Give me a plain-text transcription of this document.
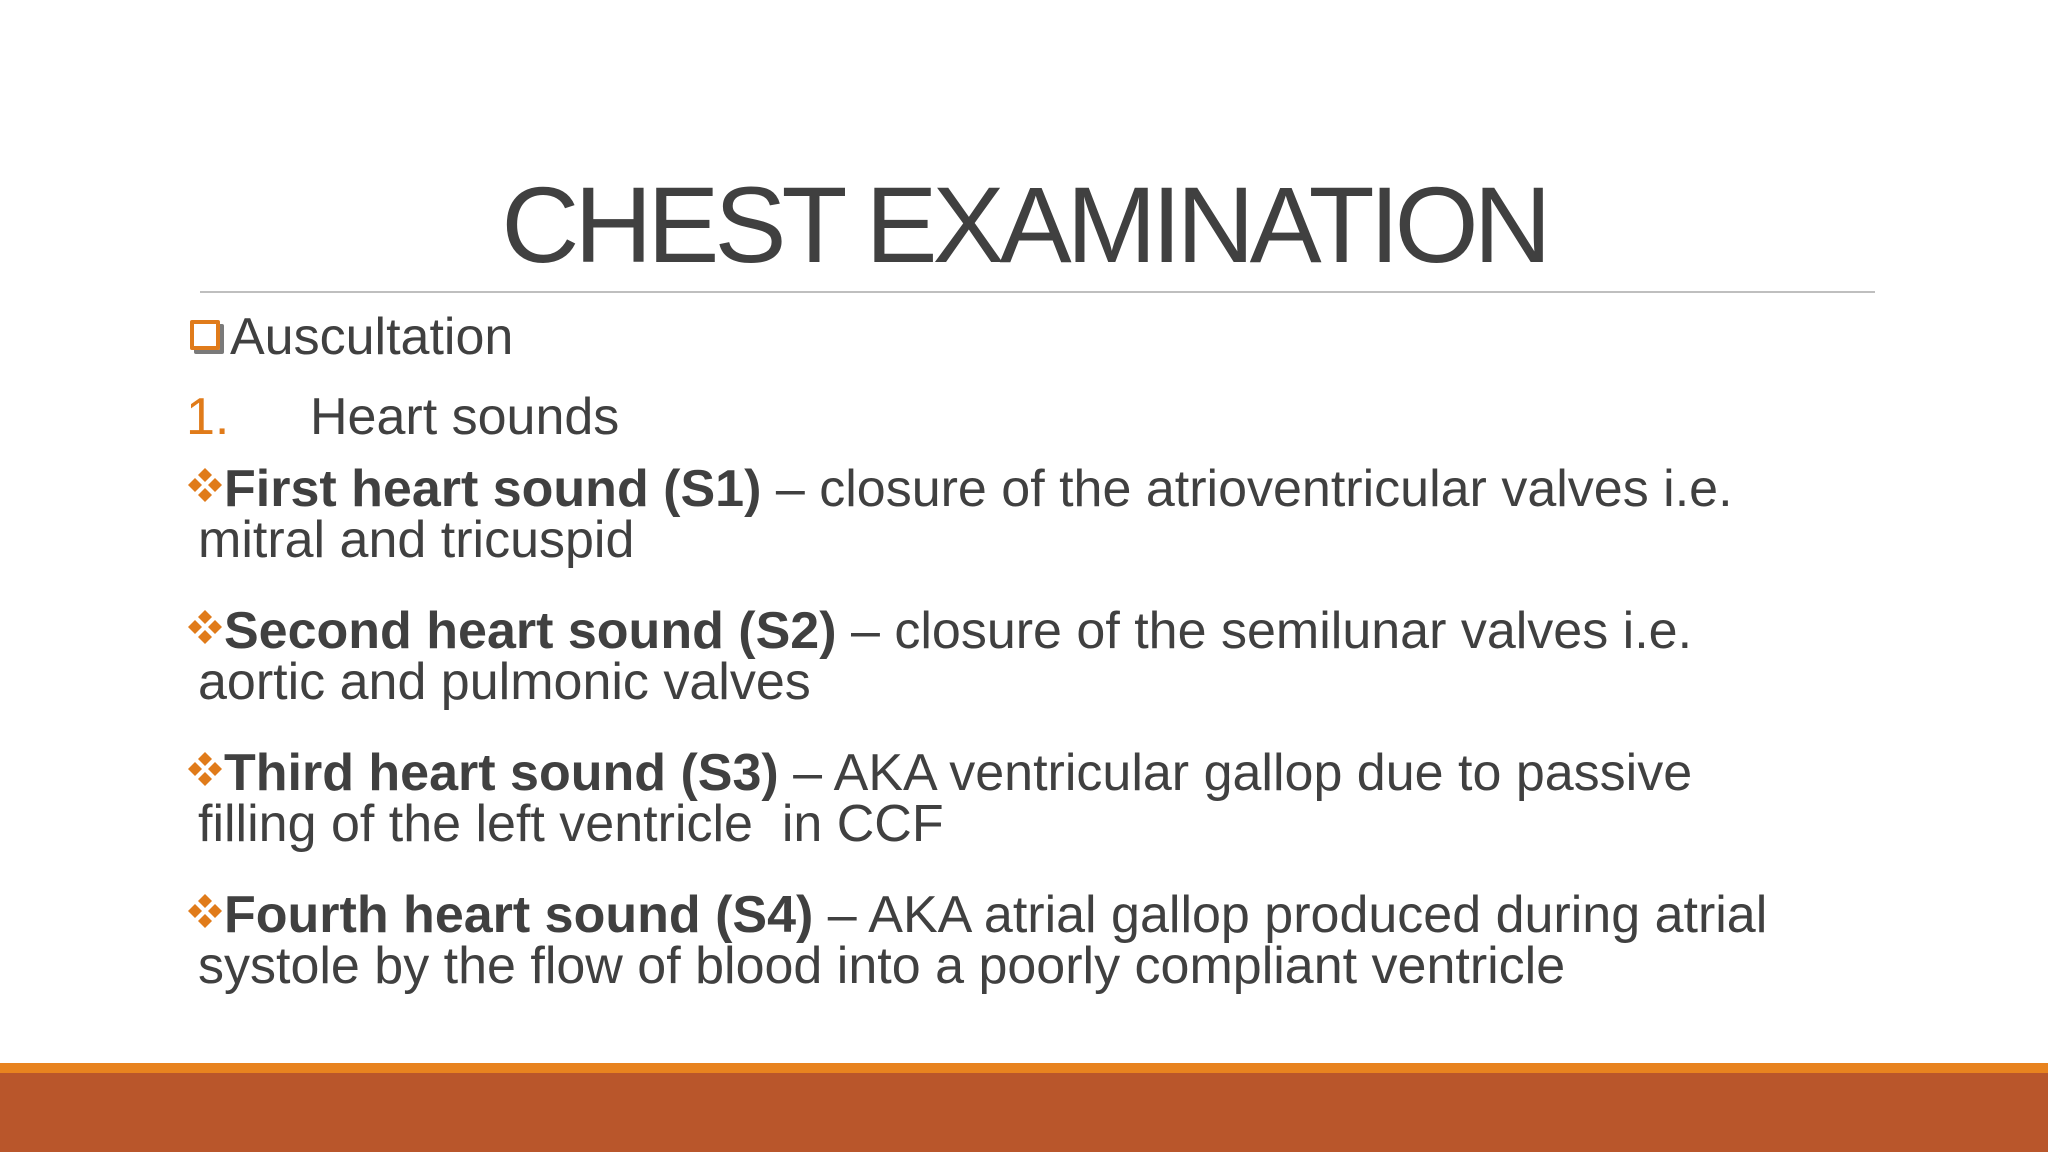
CHEST EXAMINATION
Auscultation
1.	Heart sounds
First heart sound (S1) – closure of the atrioventricular valves i.e.
mitral and tricuspid
Second heart sound (S2) – closure of the semilunar valves i.e.
aortic and pulmonic valves
Third heart sound (S3) – AKA ventricular gallop due to passive
filling of the left ventricle  in CCF
Fourth heart sound (S4) – AKA atrial gallop produced during atrial
systole by the flow of blood into a poorly compliant ventricle
